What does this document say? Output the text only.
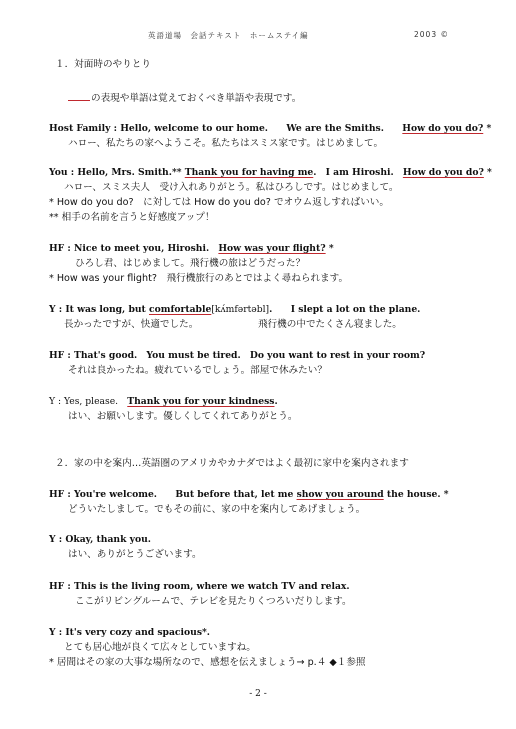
英語道場　会話テキスト　ホームステイ編	2003 ©
１．対面時のやりとり
の表現や単語は覚えておくべき単語や表現です。
Host Family : Hello, welcome to our home.　　We are the Smiths.　　How do you do? *
ハロー、私たちの家へようこそ。私たちはスミス家です。はじめまして。
You : Hello, Mrs. Smith.** Thank you for having me.　I am Hiroshi.　How do you do? *
ハロー、スミス夫人　受け入れありがとう。私はひろしです。はじめまして。
* How do you do?　に対しては How do you do? でオウム返しすればいい。
** 相手の名前を言うと好感度アップ！
HF : Nice to meet you, Hiroshi.　How was your flight? *
ひろし君、はじめまして。飛行機の旅はどうだった？
* How was your flight?　飛行機旅行のあとではよく尋ねられます。
Y : It was long, but comfortable[kʌ́mfərtəbl].　　I slept a lot on the plane.
長かったですが、快適でした。	飛行機の中でたくさん寝ました。
HF : That's good.　You must be tired.　Do you want to rest in your room?
それは良かったね。疲れているでしょう。部屋で休みたい？
Y : Yes, please.　Thank you for your kindness.
はい、お願いします。優しくしてくれてありがとう。
２．家の中を案内…英語圏のアメリカやカナダではよく最初に家中を案内されます
HF : You're welcome.　　But before that, let me show you around the house. *
どういたしまして。でもその前に、家の中を案内してあげましょう。
Y : Okay, thank you.
はい、ありがとうございます。
HF : This is the living room, where we watch TV and relax.
ここがリビングルームで、テレビを見たりくつろいだりします。
Y : It's very cozy and spacious*.
とても居心地が良くて広々としていますね。
* 居間はその家の大事な場所なので、感想を伝えましょう→ p.４ ◆１参照
- 2 -
